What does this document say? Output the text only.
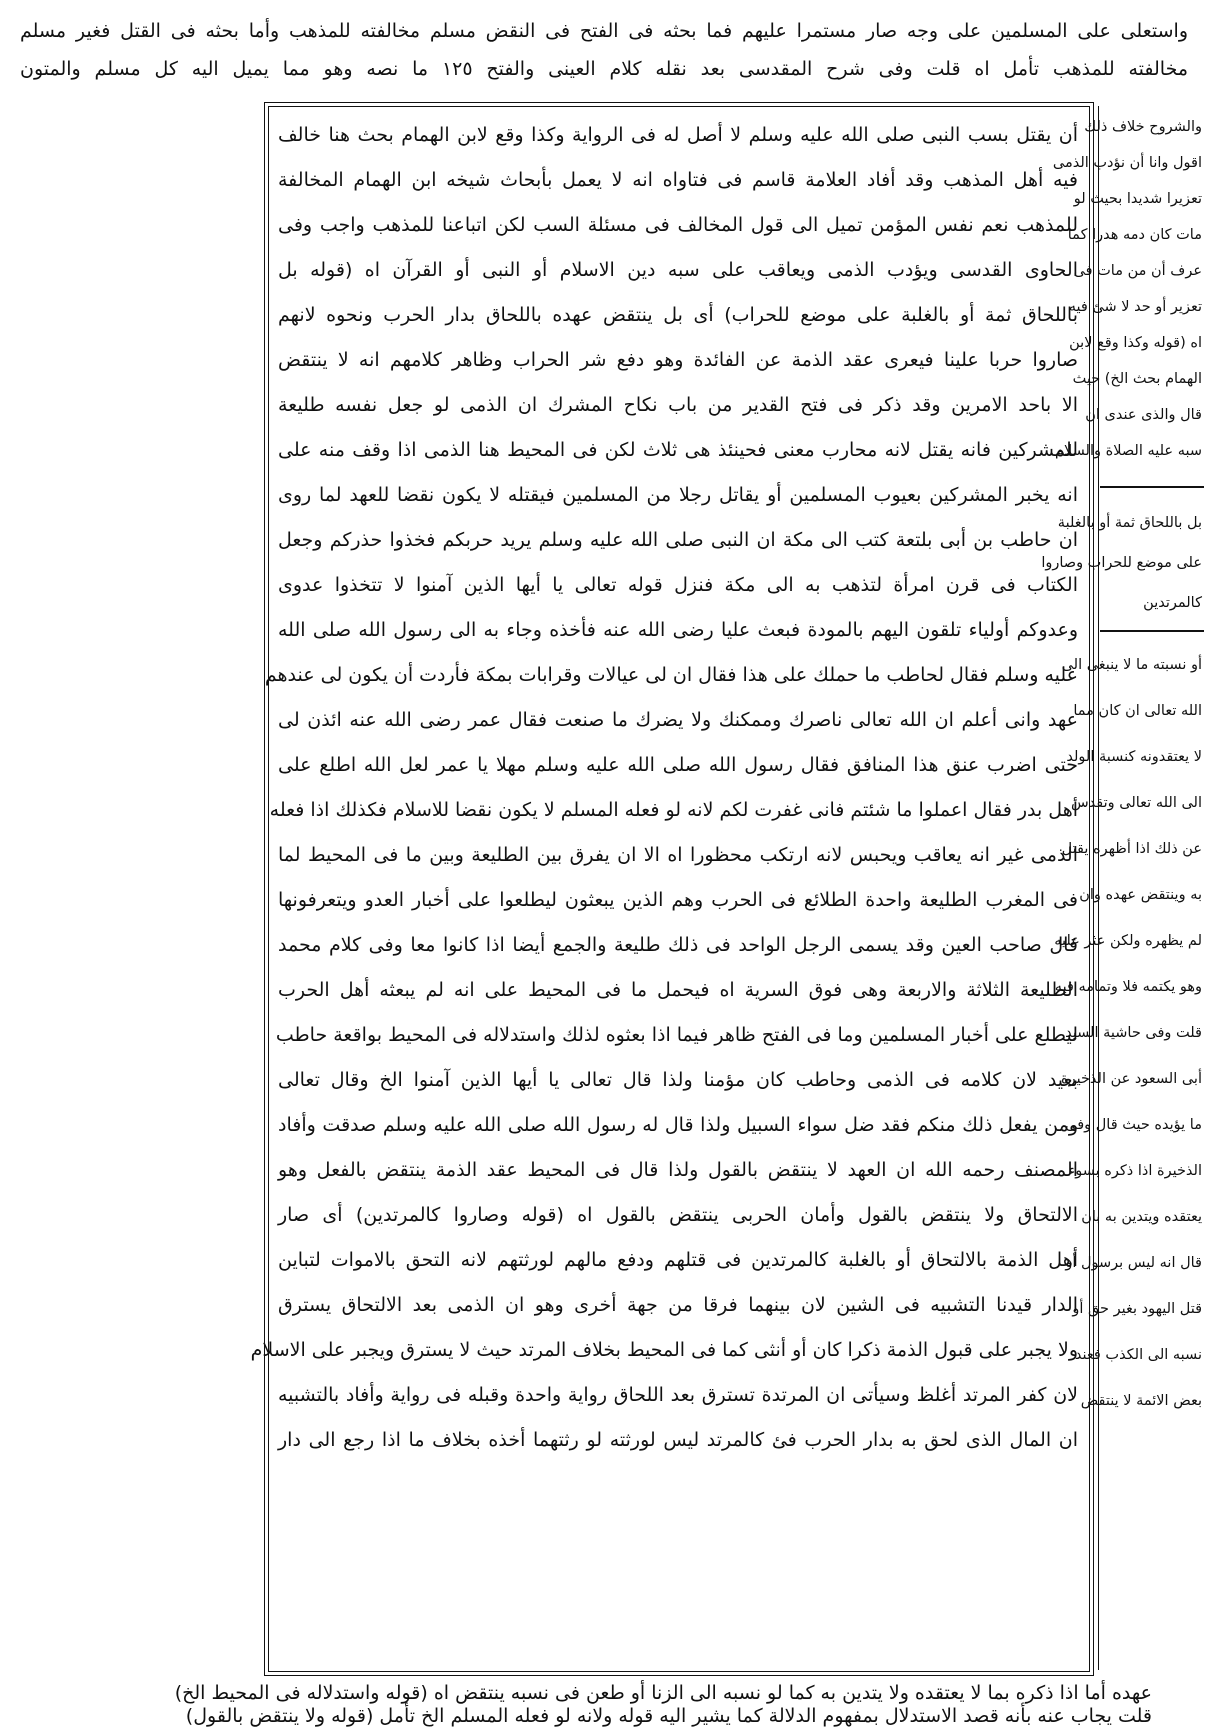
واستعلى على المسلمين على وجه صار مستمرا عليهم فما بحثه فى الفتح فى النقض مسلم مخالفته للمذهب وأما بحثه فى القتل فغير مسلم
مخالفته للمذهب تأمل اه قلت وفى شرح المقدسى بعد نقله كلام العينى والفتح ١٢٥ ما نصه وهو مما يميل اليه كل مسلم والمتون
أن يقتل بسب النبى صلى الله عليه وسلم لا أصل له فى الرواية وكذا وقع لابن الهمام بحث هنا خالف
فيه أهل المذهب وقد أفاد العلامة قاسم فى فتاواه انه لا يعمل بأبحاث شيخه ابن الهمام المخالفة
للمذهب نعم نفس المؤمن تميل الى قول المخالف فى مسئلة السب لكن اتباعنا للمذهب واجب وفى
الحاوى القدسى ويؤدب الذمى ويعاقب على سبه دين الاسلام أو النبى أو القرآن اه (قوله بل
باللحاق ثمة أو بالغلبة على موضع للحراب) أى بل ينتقض عهده باللحاق بدار الحرب ونحوه لانهم
صاروا حربا علينا فيعرى عقد الذمة عن الفائدة وهو دفع شر الحراب وظاهر كلامهم انه لا ينتقض
الا باحد الامرين وقد ذكر فى فتح القدير من باب نكاح المشرك ان الذمى لو جعل نفسه طليعة
للمشركين فانه يقتل لانه محارب معنى فحينئذ هى ثلاث لكن فى المحيط هنا الذمى اذا وقف منه على
انه يخبر المشركين بعيوب المسلمين أو يقاتل رجلا من المسلمين فيقتله لا يكون نقضا للعهد لما روى
ان حاطب بن أبى بلتعة كتب الى مكة ان النبى صلى الله عليه وسلم يريد حربكم فخذوا حذركم وجعل
الكتاب فى قرن امرأة لتذهب به الى مكة فنزل قوله تعالى يا أيها الذين آمنوا لا تتخذوا عدوى
وعدوكم أولياء تلقون اليهم بالمودة فبعث عليا رضى الله عنه فأخذه وجاء به الى رسول الله صلى الله
عليه وسلم فقال لحاطب ما حملك على هذا فقال ان لى عيالات وقرابات بمكة فأردت أن يكون لى عندهم
عهد وانى أعلم ان الله تعالى ناصرك وممكنك ولا يضرك ما صنعت فقال عمر رضى الله عنه ائذن لى
حتى اضرب عنق هذا المنافق فقال رسول الله صلى الله عليه وسلم مهلا يا عمر لعل الله اطلع على
أهل بدر فقال اعملوا ما شئتم فانى غفرت لكم لانه لو فعله المسلم لا يكون نقضا للاسلام فكذلك اذا فعله
الذمى غير انه يعاقب ويحبس لانه ارتكب محظورا اه الا ان يفرق بين الطليعة وبين ما فى المحيط لما
فى المغرب الطليعة واحدة الطلائع فى الحرب وهم الذين يبعثون ليطلعوا على أخبار العدو ويتعرفونها
قال صاحب العين وقد يسمى الرجل الواحد فى ذلك طليعة والجمع أيضا اذا كانوا معا وفى كلام محمد
الطليعة الثلاثة والاربعة وهى فوق السرية اه فيحمل ما فى المحيط على انه لم يبعثه أهل الحرب
ليطلع على أخبار المسلمين وما فى الفتح ظاهر فيما اذا بعثوه لذلك واستدلاله فى المحيط بواقعة حاطب
بعيد لان كلامه فى الذمى وحاطب كان مؤمنا ولذا قال تعالى يا أيها الذين آمنوا الخ وقال تعالى
ومن يفعل ذلك منكم فقد ضل سواء السبيل ولذا قال له رسول الله صلى الله عليه وسلم صدقت وأفاد
المصنف رحمه الله ان العهد لا ينتقض بالقول ولذا قال فى المحيط عقد الذمة ينتقض بالفعل وهو
الالتحاق ولا ينتقض بالقول وأمان الحربى ينتقض بالقول اه (قوله وصاروا كالمرتدين) أى صار
أهل الذمة بالالتحاق أو بالغلبة كالمرتدين فى قتلهم ودفع مالهم لورثتهم لانه التحق بالاموات لتباين
الدار قيدنا التشبيه فى الشين لان بينهما فرقا من جهة أخرى وهو ان الذمى بعد الالتحاق يسترق
ولا يجبر على قبول الذمة ذكرا كان أو أنثى كما فى المحيط بخلاف المرتد حيث لا يسترق ويجبر على الاسلام
لان كفر المرتد أغلظ وسيأتى ان المرتدة تسترق بعد اللحاق رواية واحدة وقبله فى رواية وأفاد بالتشبيه
ان المال الذى لحق به بدار الحرب فئ كالمرتد ليس لورثته لو رثتهما أخذه بخلاف ما اذا رجع الى دار
والشروح خلاف ذلك
اقول وانا أن نؤدب الذمى
تعزيرا شديدا بحيث لو
مات كان دمه هدرا كما
عرف أن من مات فى
تعزير أو حد لا شئ فيه
اه (قوله وكذا وقع لابن
الهمام بحث الخ) حيث
قال والذى عندى ان
سبه عليه الصلاة والسلام
بل باللحاق ثمة أو بالغلبة
على موضع للحراب وصاروا
كالمرتدين
أو نسبته ما لا ينبغى الى
الله تعالى ان كان مما
لا يعتقدونه كنسبة الولد
الى الله تعالى وتقدس
عن ذلك اذا أظهره يقتل
به وينتقض عهده وان
لم يظهره ولكن عثر عليه
وهو يكتمه فلا وتمامه فيه
قلت وفى حاشية السيد
أبى السعود عن الذخيرة
ما يؤيده حيث قال وفى
الذخيرة اذا ذكره بسوء
يعتقده ويتدين به بان
قال انه ليس برسول أو
قتل اليهود بغير حق أو
نسبه الى الكذب فعند
بعض الائمة لا ينتقض
عهده أما اذا ذكره بما لا يعتقده ولا يتدين به كما لو نسبه الى الزنا أو طعن فى نسبه ينتقض اه (قوله واستدلاله فى المحيط الخ)
قلت يجاب عنه بأنه قصد الاستدلال بمفهوم الدلالة كما يشير اليه قوله ولانه لو فعله المسلم الخ تأمل (قوله ولا ينتقض بالقول)
